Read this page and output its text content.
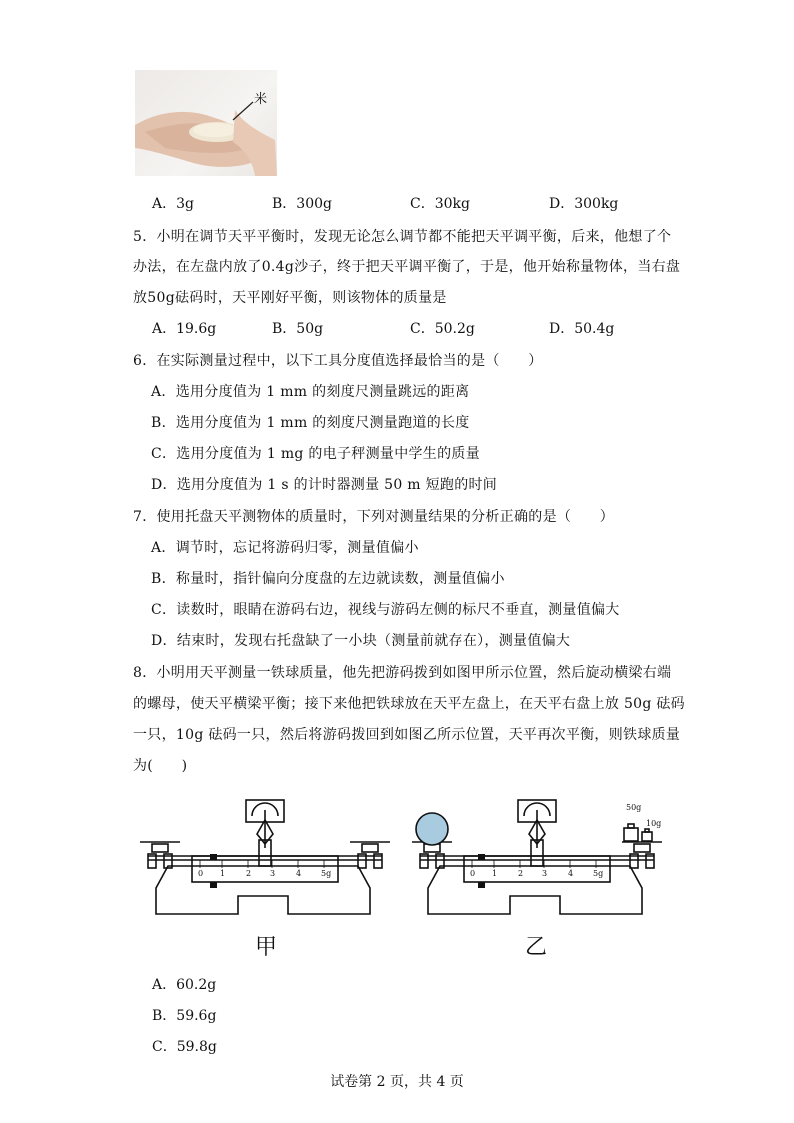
米
A．3g	B．300g	C．30kg	D．300kg
5．小明在调节天平平衡时，发现无论怎么调节都不能把天平调平衡，后来，他想了个
办法，在左盘内放了0.4g沙子，终于把天平调平衡了，于是，他开始称量物体，当右盘
放50g砝码时，天平刚好平衡，则该物体的质量是
A．19.6g	B．50g	C．50.2g	D．50.4g
6．在实际测量过程中，以下工具分度值选择最恰当的是（　　）
A．选用分度值为 1 mm 的刻度尺测量跳远的距离
B．选用分度值为 1 mm 的刻度尺测量跑道的长度
C．选用分度值为 1 mg 的电子秤测量中学生的质量
D．选用分度值为 1 s 的计时器测量 50 m 短跑的时间
7．使用托盘天平测物体的质量时，下列对测量结果的分析正确的是（　　）
A．调节时，忘记将游码归零，测量值偏小
B．称量时，指针偏向分度盘的左边就读数，测量值偏小
C．读数时，眼睛在游码右边，视线与游码左侧的标尺不垂直，测量值偏大
D．结束时，发现右托盘缺了一小块（测量前就存在），测量值偏大
8．小明用天平测量一铁球质量，他先把游码拨到如图甲所示位置，然后旋动横梁右端
的螺母，使天平横梁平衡；接下来他把铁球放在天平左盘上，在天平右盘上放 50g 砝码
一只，10g 砝码一只，然后将游码拨回到如图乙所示位置，天平再次平衡，则铁球质量
为(　　)
0 1	2 3	4 5g
甲
0 1	2 3	4 5g
50g
10g
乙
A．60.2g
B．59.6g
C．59.8g
试卷第 2 页，共 4 页
